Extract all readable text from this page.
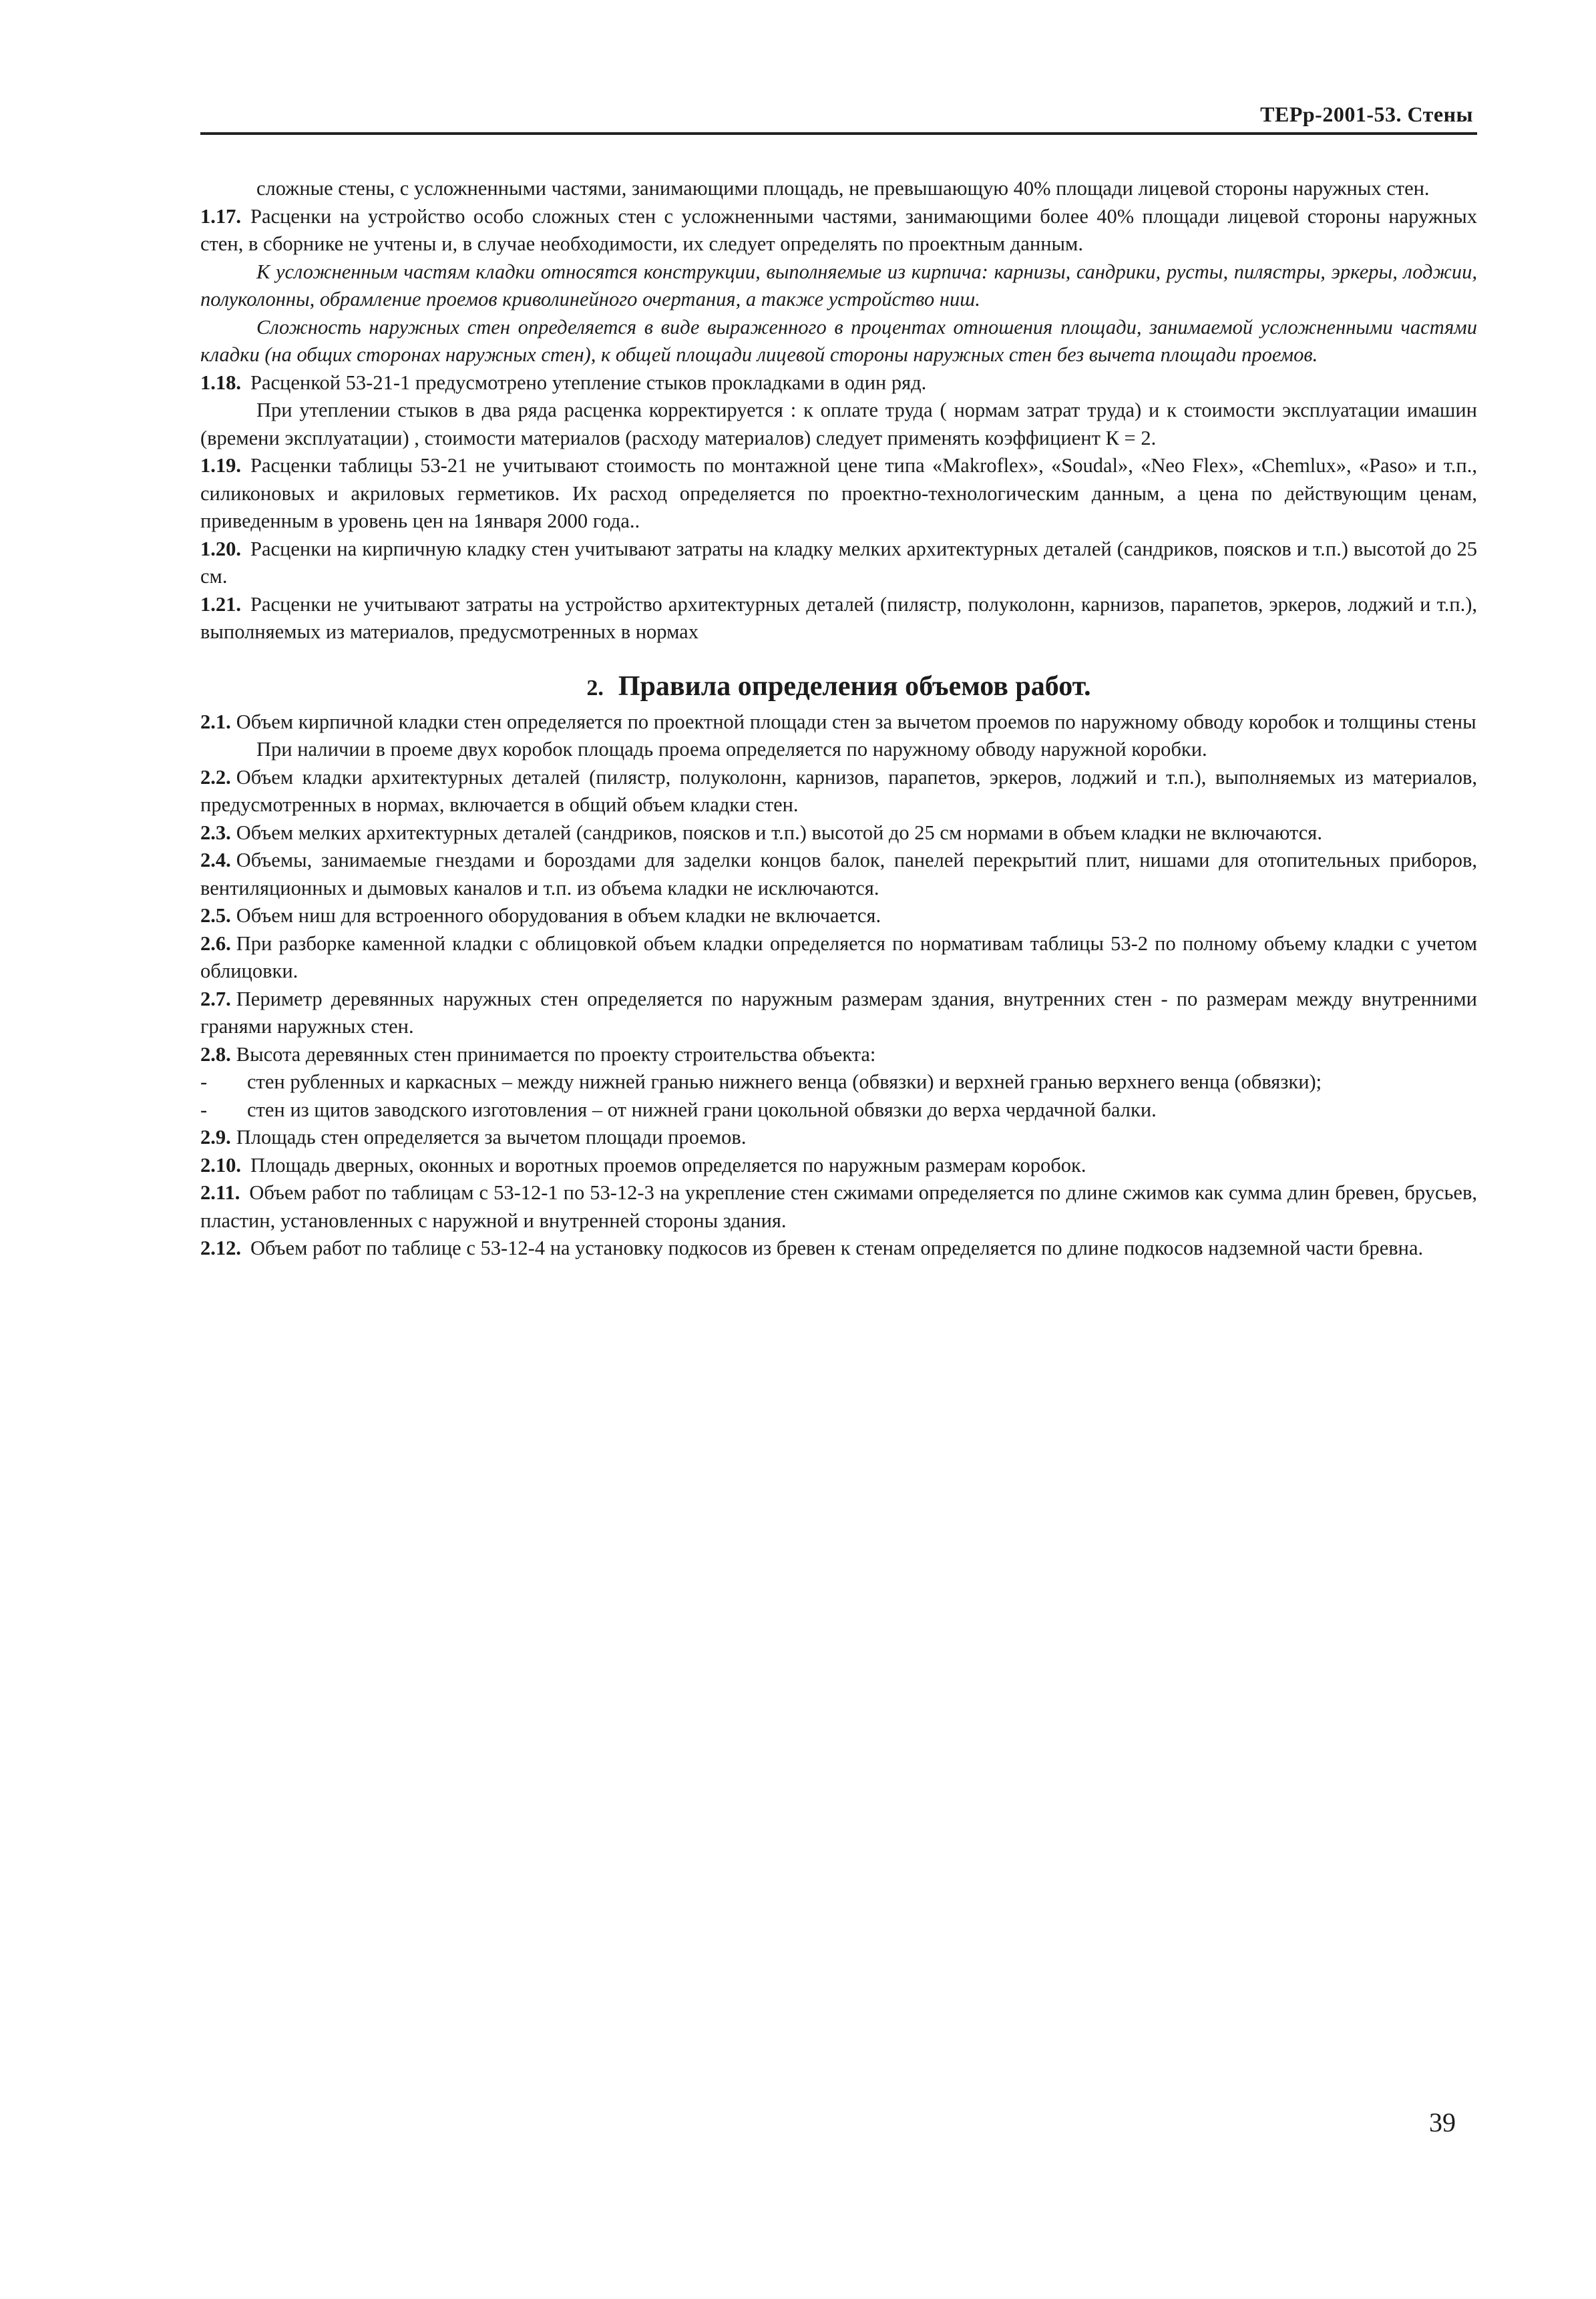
ТЕРр-2001-53. Стены

сложные стены, с усложненными частями, занимающими площадь, не превышающую 40% площади лицевой стороны наружных стен.

1.17. Расценки на устройство особо сложных стен с усложненными частями, занимающими более 40% площади лицевой стороны наружных стен, в сборнике не учтены и, в случае необходимости, их следует определять по проектным данным.

К усложненным частям кладки относятся конструкции, выполняемые из кирпича: карнизы, сандрики, русты, пилястры, эркеры, лоджии, полуколонны, обрамление проемов криволинейного очертания, а также устройство ниш.

Сложность наружных стен определяется в виде выраженного в процентах отношения площади, занимаемой усложненными частями кладки (на общих сторонах наружных стен), к общей площади лицевой стороны наружных стен без вычета площади проемов.

1.18. Расценкой 53-21-1 предусмотрено утепление стыков прокладками в один ряд.

При утеплении стыков в два ряда расценка корректируется : к оплате труда ( нормам затрат труда) и к стоимости эксплуатации имашин (времени эксплуатации) , стоимости материалов (расходу материалов) следует применять коэффициент К = 2.

1.19. Расценки таблицы 53-21 не учитывают стоимость по монтажной цене типа «Makroflex», «Soudal», «Neo Flex», «Chemlux», «Paso» и т.п., силиконовых и акриловых герметиков. Их расход определяется по проектно-технологическим данным, а цена по действующим ценам, приведенным в уровень цен на 1января 2000 года..

1.20. Расценки на кирпичную кладку стен учитывают затраты на кладку мелких архитектурных деталей (сандриков, поясков и т.п.) высотой до 25 см.

1.21. Расценки не учитывают затраты на устройство архитектурных деталей (пилястр, полуколонн, карнизов, парапетов, эркеров, лоджий и т.п.), выполняемых из материалов, предусмотренных в нормах

2. Правила определения объемов работ.

2.1. Объем кирпичной кладки стен определяется по проектной площади стен за вычетом проемов по наружному обводу коробок и толщины стены

При наличии в проеме двух коробок площадь проема определяется по наружному обводу наружной коробки.

2.2. Объем кладки архитектурных деталей (пилястр, полуколонн, карнизов, парапетов, эркеров, лоджий и т.п.), выполняемых из материалов, предусмотренных в нормах, включается в общий объем кладки стен.

2.3. Объем мелких архитектурных деталей (сандриков, поясков и т.п.) высотой до 25 см нормами в объем кладки не включаются.

2.4. Объемы, занимаемые гнездами и бороздами для заделки концов балок, панелей перекрытий плит, нишами для отопительных приборов, вентиляционных и дымовых каналов и т.п. из объема кладки не исключаются.

2.5. Объем ниш для встроенного оборудования в объем кладки не включается.

2.6. При разборке каменной кладки с облицовкой объем кладки определяется по нормативам таблицы 53-2 по полному объему кладки с учетом облицовки.

2.7. Периметр деревянных наружных стен определяется по наружным размерам здания, внутренних стен - по размерам между внутренними гранями наружных стен.

2.8. Высота деревянных стен принимается по проекту строительства объекта:

- стен рубленных и каркасных – между нижней гранью нижнего венца (обвязки) и верхней гранью верхнего венца (обвязки);

- стен из щитов заводского изготовления – от нижней грани цокольной обвязки до верха чердачной балки.

2.9. Площадь стен определяется за вычетом площади проемов.

2.10. Площадь дверных, оконных и воротных проемов определяется по наружным размерам коробок.

2.11. Объем работ по таблицам с 53-12-1 по 53-12-3 на укрепление стен сжимами определяется по длине сжимов как сумма длин бревен, брусьев, пластин, установленных с наружной и внутренней стороны здания.

2.12. Объем работ по таблице с 53-12-4 на установку подкосов из бревен к стенам определяется по длине подкосов надземной части бревна.

39
